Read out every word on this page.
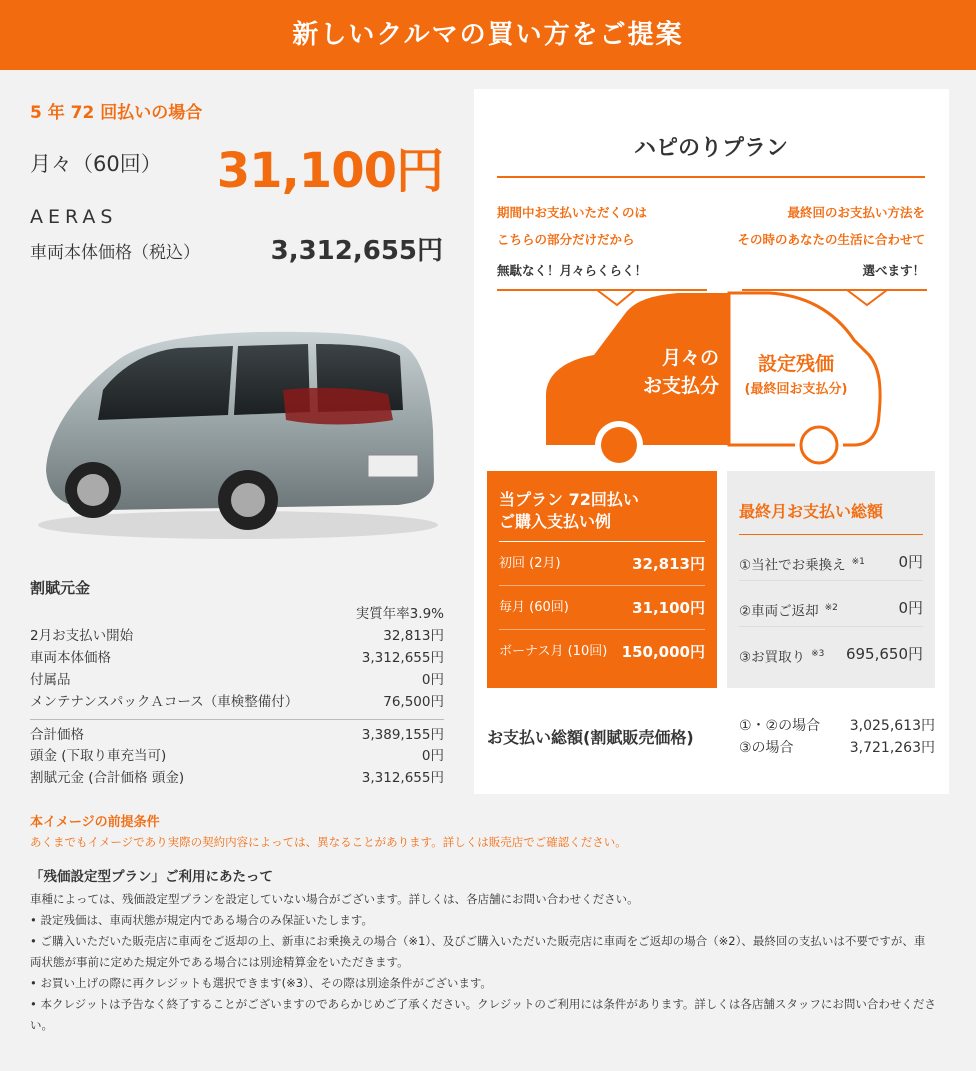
新しいクルマの買い方をご提案
5 年 72 回払いの場合
月々（60回） 31,100円
AERAS
車両本体価格（税込）	3,312,655円
割賦元金
実質年率3.9%
2月お支払い開始	32,813円
車両本体価格	3,312,655円
付属品	0円
メンテナンスパックＡコース（車検整備付）	76,500円
合計価格	3,389,155円
頭金 (下取り車充当可)	0円
割賦元金 (合計価格 頭金)	3,312,655円
ハピのりプラン
期間中お支払いただくのは
こちらの部分だけだから
無駄なく！月々らくらく！
最終回のお支払い方法を
その時のあなたの生活に合わせて
選べます！
月々の
お支払分
設定残価
(最終回お支払分)
当プラン 72回払い
ご購入支払い例
初回 (2月)	32,813円
毎月 (60回)	31,100円
ボーナス月 (10回) 150,000円
最終月お支払い総額
①当社でお乗換え $^{※1}$ 0円
②車両ご返却 $^{※2}$	0円
③お買取り $^{※3}$ 695,650円
お支払い総額(割賦販売価格)
①・②の場合 3,025,613円
③の場合	3,721,263円
本イメージの前提条件
あくまでもイメージであり実際の契約内容によっては、異なることがあります。詳しくは販売店でご確認ください。
「残価設定型プラン」ご利用にあたって
車種によっては、残価設定型プランを設定していない場合がございます。詳しくは、各店舗にお問い合わせください。
• 設定残価は、車両状態が規定内である場合のみ保証いたします。
• ご購入いただいた販売店に車両をご返却の上、新車にお乗換えの場合（※1）、及びご購入いただいた販売店に車両をご返却の場合（※2）、最終回の支払いは不要ですが、車
両状態が事前に定めた規定外である場合には別途精算金をいただきます。
• お買い上げの際に再クレジットも選択できます(※3）、その際は別途条件がございます。
• 本クレジットは予告なく終了することがございますのであらかじめご了承ください。クレジットのご利用には条件があります。詳しくは各店舗スタッフにお問い合わせくださ
い。
